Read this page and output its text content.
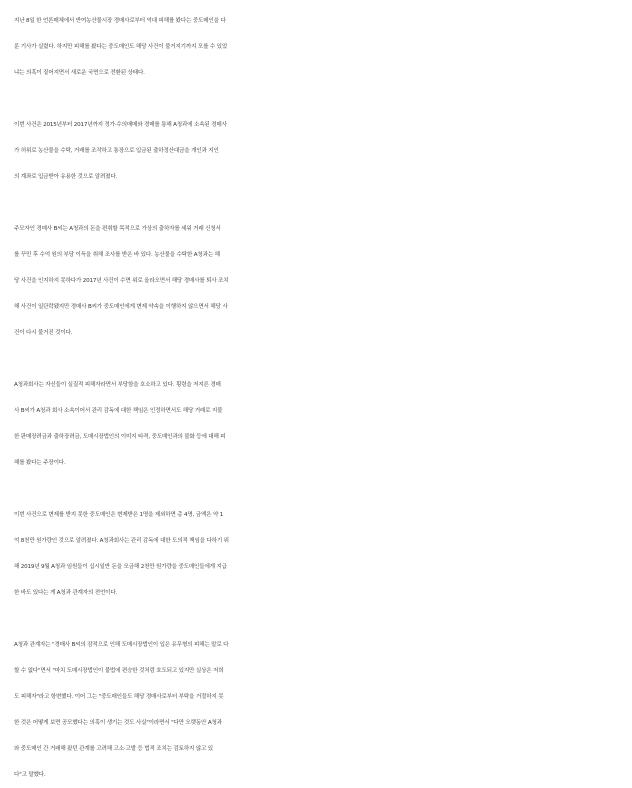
지난 8일 한 언론매체에서 반여농산물시장 경매사로부터 억대 피해를 봤다는 중도매인을 다
룬 기사가 실렸다. 하지만 피해를 봤다는 중도매인도 해당 사건이 불거지기까지 모를 수 있었
냐는 의혹이 짙어지면서 새로운 국면으로 전환된 상태다.
이번 사건은 2015년부터 2017년까지 정가·수의매매와 경매를 통해 A청과에 소속된 경매사
가 허위로 농산물을 수탁, 거래를 조작하고 통장으로 입금된 출하정산대금을 개인과 지인
의 계좌로 입금받아 유용한 것으로 알려졌다.
주모자인 경매사 B씨는 A청과의 돈을 편취할 목적으로 가상의 출하자를 세워 거래 신청서
를 꾸민 후 수억 원의 부당 이득을 취해 조사를 받은 바 있다. 농산물을 수탁한 A청과는 해
당 사건을 인지하지 못하다가 2017년 사건이 수면 위로 올라오면서 해당 경매사를 퇴사 조치
해 사건이 일단락됐지만 경매사 B씨가 중도매인에게 변제 약속을 이행하지 않으면서 해당 사
건이 다시 불거진 것이다.
A청과회사는 자신들이 실질적 피해자라면서 부당함을 호소하고 있다. 횡령을 저지른 경매
사 B씨가 A청과 회사 소속이어서 관리 감독에 대한 책임은 인정하면서도 해당 거래로 지불
한 판매장려금과 출하장려금, 도매시장법인의 이미지 타격, 중도매인과의 불화 등에 대해 피
해를 봤다는 주장이다.
이번 사건으로 변제를 받지 못한 중도매인은 변제받은 1명을 제외하면 총 4명, 금액은 약 1
억 8천만 원가량인 것으로 알려졌다. A청과회사는 관리 감독에 대한 도의적 책임을 다하기 위
해 2019년 9월 A청과 임원들이 십시일반 돈을 모금해 2천만 원가량을 중도매인들에게 지급
한 바도 있다는 게 A청과 관계자의 전언이다.
A청과 관계자는 "경매사 B씨의 잠적으로 인해 도매시장법인이 입은 유무형의 피해는 말로 다
할 수 없다"면서 "마치 도매시장법인이 불법에 편승한 것처럼 호도되고 있지만 실상은 저희
도 피해자"라고 항변했다. 이어 그는 "중도매인들도 해당 경매사로부터 부탁을 거절하지 못
한 것은 어떻게 보면 공모했다는 의혹이 생기는 것도 사실"이라면서 "다만 오랫동안 A청과
와 중도매인 간 거래해 왔던 관계를 고려해 고소·고발 등 법적 조치는 검토하지 않고 있
다"고 말했다.
